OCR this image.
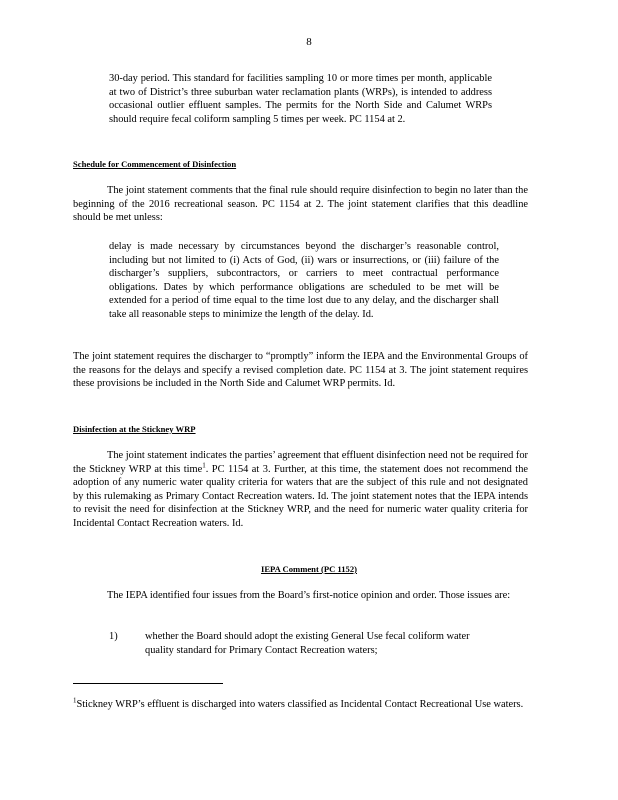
8

30-day period. This standard for facilities sampling 10 or more times per month, applicable at two of District’s three suburban water reclamation plants (WRPs), is intended to address occasional outlier effluent samples. The permits for the North Side and Calumet WRPs should require fecal coliform sampling 5 times per week. PC 1154 at 2.

Schedule for Commencement of Disinfection

The joint statement comments that the final rule should require disinfection to begin no later than the beginning of the 2016 recreational season. PC 1154 at 2. The joint statement clarifies that this deadline should be met unless:

delay is made necessary by circumstances beyond the discharger’s reasonable control, including but not limited to (i) Acts of God, (ii) wars or insurrections, or (iii) failure of the discharger’s suppliers, subcontractors, or carriers to meet contractual performance obligations. Dates by which performance obligations are scheduled to be met will be extended for a period of time equal to the time lost due to any delay, and the discharger shall take all reasonable steps to minimize the length of the delay. Id.

The joint statement requires the discharger to “promptly” inform the IEPA and the Environmental Groups of the reasons for the delays and specify a revised completion date. PC 1154 at 3. The joint statement requires these provisions be included in the North Side and Calumet WRP permits. Id.

Disinfection at the Stickney WRP

The joint statement indicates the parties’ agreement that effluent disinfection need not be required for the Stickney WRP at this time$^1$. PC 1154 at 3. Further, at this time, the statement does not recommend the adoption of any numeric water quality criteria for waters that are the subject of this rule and not designated by this rulemaking as Primary Contact Recreation waters. Id. The joint statement notes that the IEPA intends to revisit the need for disinfection at the Stickney WRP, and the need for numeric water quality criteria for Incidental Contact Recreation waters. Id.

IEPA Comment (PC 1152)

The IEPA identified four issues from the Board’s first-notice opinion and order. Those issues are:

1)	whether the Board should adopt the existing General Use fecal coliform water quality standard for Primary Contact Recreation waters;

$^1$Stickney WRP’s effluent is discharged into waters classified as Incidental Contact Recreational Use waters.
